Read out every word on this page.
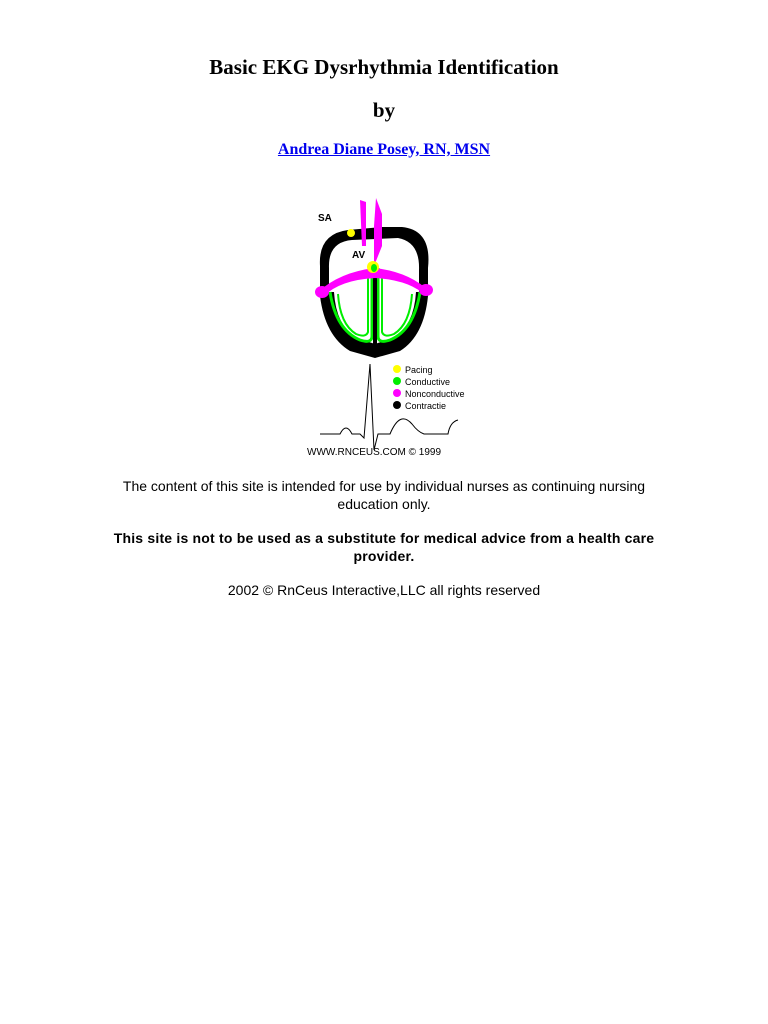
Basic EKG Dysrhythmia Identification
by
Andrea Diane Posey, RN, MSN
SA
AV
Pacing
Conductive
Nonconductive
Contractie
WWW.RNCEUS.COM © 1999

The content of this site is intended for use by individual nurses as continuing nursing education only.

This site is not to be used as a substitute for medical advice from a health care provider.

2002 © RnCeus Interactive,LLC all rights reserved
